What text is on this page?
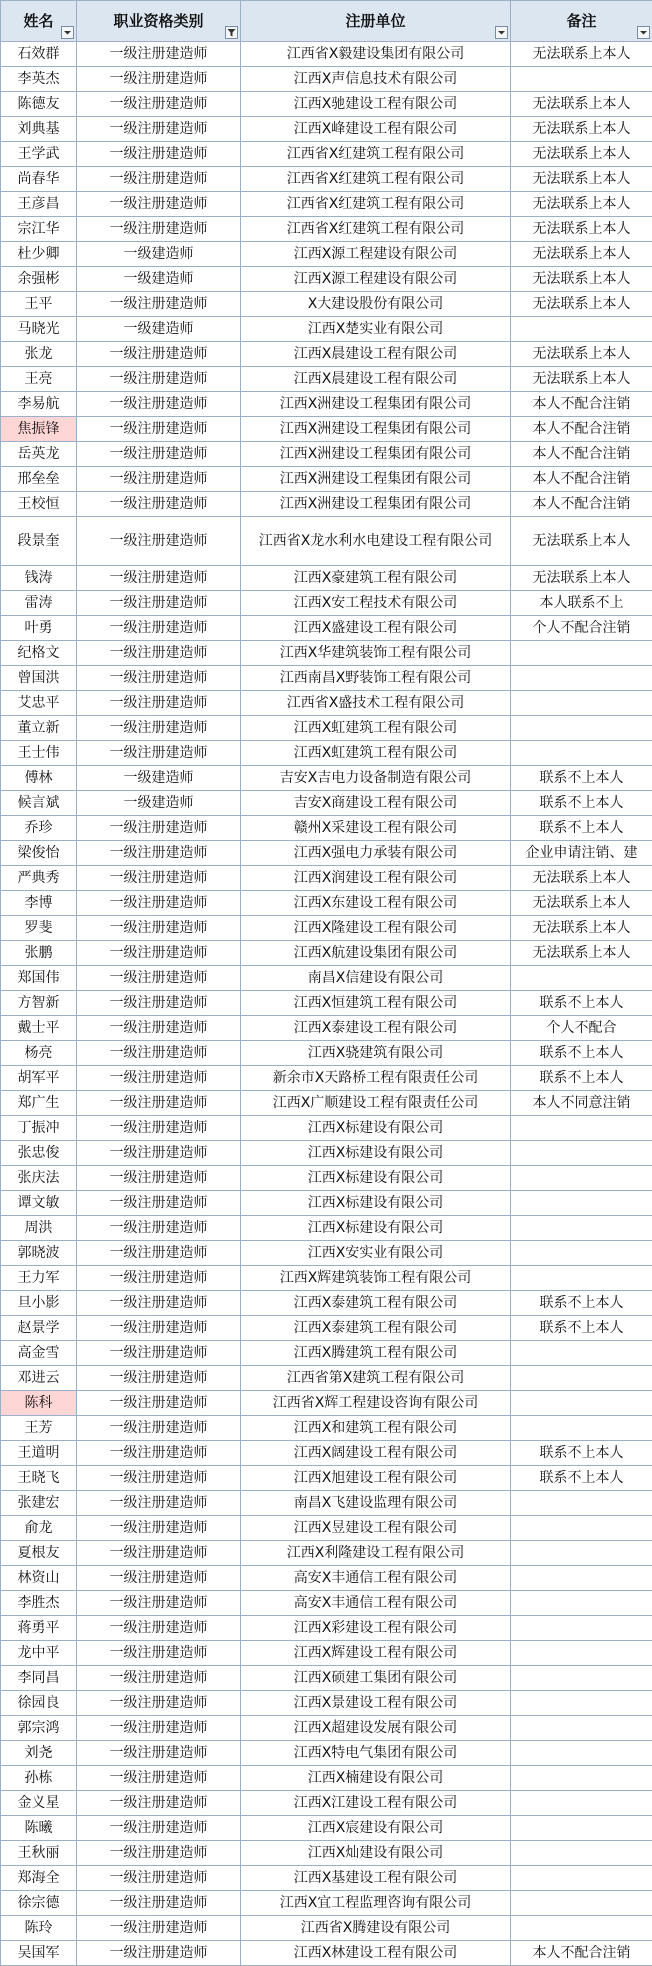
姓名	职业资格类别	注册单位	备注

石效群	一级注册建造师	江西省X毅建设集团有限公司	无法联系上本人
李英杰	一级注册建造师	江西X声信息技术有限公司	
陈德友	一级注册建造师	江西X驰建设工程有限公司	无法联系上本人
刘典基	一级注册建造师	江西X峰建设工程有限公司	无法联系上本人
王学武	一级注册建造师	江西省X红建筑工程有限公司	无法联系上本人
尚春华	一级注册建造师	江西省X红建筑工程有限公司	无法联系上本人
王彦昌	一级注册建造师	江西省X红建筑工程有限公司	无法联系上本人
宗江华	一级注册建造师	江西省X红建筑工程有限公司	无法联系上本人
杜少卿	一级建造师	江西X源工程建设有限公司	无法联系上本人
余强彬	一级建造师	江西X源工程建设有限公司	无法联系上本人
王平	一级注册建造师	X大建设股份有限公司	无法联系上本人
马晓光	一级建造师	江西X楚实业有限公司	
张龙	一级注册建造师	江西X晨建设工程有限公司	无法联系上本人
王亮	一级注册建造师	江西X晨建设工程有限公司	无法联系上本人
李易航	一级注册建造师	江西X洲建设工程集团有限公司	本人不配合注销
焦振锋	一级注册建造师	江西X洲建设工程集团有限公司	本人不配合注销
岳英龙	一级注册建造师	江西X洲建设工程集团有限公司	本人不配合注销
邢垒垒	一级注册建造师	江西X洲建设工程集团有限公司	本人不配合注销
王校恒	一级注册建造师	江西X洲建设工程集团有限公司	本人不配合注销
段景奎	一级注册建造师	江西省X龙水利水电建设工程有限公司	无法联系上本人
钱涛	一级注册建造师	江西X豪建筑工程有限公司	无法联系上本人
雷涛	一级注册建造师	江西X安工程技术有限公司	本人联系不上
叶勇	一级注册建造师	江西X盛建设工程有限公司	个人不配合注销
纪格文	一级注册建造师	江西X华建筑装饰工程有限公司	
曾国洪	一级注册建造师	江西南昌X野装饰工程有限公司	
艾忠平	一级注册建造师	江西省X盛技术工程有限公司	
董立新	一级注册建造师	江西X虹建筑工程有限公司	
王士伟	一级注册建造师	江西X虹建筑工程有限公司	
傅林	一级建造师	吉安X吉电力设备制造有限公司	联系不上本人
候言斌	一级建造师	吉安X商建设工程有限公司	联系不上本人
乔珍	一级注册建造师	赣州X采建设工程有限公司	联系不上本人
梁俊怡	一级注册建造师	江西X强电力承装有限公司	企业申请注销、建
严典秀	一级注册建造师	江西X润建设工程有限公司	无法联系上本人
李博	一级注册建造师	江西X东建设工程有限公司	无法联系上本人
罗斐	一级注册建造师	江西X隆建设工程有限公司	无法联系上本人
张鹏	一级注册建造师	江西X航建设集团有限公司	无法联系上本人
郑国伟	一级注册建造师	南昌X信建设有限公司	
方智新	一级注册建造师	江西X恒建筑工程有限公司	联系不上本人
戴士平	一级注册建造师	江西X泰建设工程有限公司	个人不配合
杨亮	一级注册建造师	江西X骁建筑有限公司	联系不上本人
胡军平	一级注册建造师	新余市X天路桥工程有限责任公司	联系不上本人
郑广生	一级注册建造师	江西X广顺建设工程有限责任公司	本人不同意注销
丁振冲	一级注册建造师	江西X标建设有限公司	
张忠俊	一级注册建造师	江西X标建设有限公司	
张庆法	一级注册建造师	江西X标建设有限公司	
谭文敏	一级注册建造师	江西X标建设有限公司	
周洪	一级注册建造师	江西X标建设有限公司	
郭晓波	一级注册建造师	江西X安实业有限公司	
王力军	一级注册建造师	江西X辉建筑装饰工程有限公司	
旦小影	一级注册建造师	江西X泰建筑工程有限公司	联系不上本人
赵景学	一级注册建造师	江西X泰建筑工程有限公司	联系不上本人
高金雪	一级注册建造师	江西X腾建筑工程有限公司	
邓进云	一级注册建造师	江西省第X建筑工程有限公司	
陈科	一级注册建造师	江西省X辉工程建设咨询有限公司	
王芳	一级注册建造师	江西X和建筑工程有限公司	
王道明	一级注册建造师	江西X阔建设工程有限公司	联系不上本人
王晓飞	一级注册建造师	江西X旭建设工程有限公司	联系不上本人
张建宏	一级注册建造师	南昌X飞建设监理有限公司	
俞龙	一级注册建造师	江西X昱建设工程有限公司	
夏根友	一级注册建造师	江西X利隆建设工程有限公司	
林资山	一级注册建造师	高安X丰通信工程有限公司	
李胜杰	一级注册建造师	高安X丰通信工程有限公司	
蒋勇平	一级注册建造师	江西X彩建设工程有限公司	
龙中平	一级注册建造师	江西X辉建设工程有限公司	
李同昌	一级注册建造师	江西X硕建工集团有限公司	
徐园良	一级注册建造师	江西X景建设工程有限公司	
郭宗鸿	一级注册建造师	江西X超建设发展有限公司	
刘尧	一级注册建造师	江西X特电气集团有限公司	
孙栋	一级注册建造师	江西X楠建设有限公司	
金义星	一级注册建造师	江西X江建设工程有限公司	
陈曦	一级注册建造师	江西X宸建设有限公司	
王秋丽	一级注册建造师	江西X灿建设有限公司	
郑海全	一级注册建造师	江西X基建设工程有限公司	
徐宗德	一级注册建造师	江西X宜工程监理咨询有限公司	
陈玲	一级注册建造师	江西省X腾建设有限公司	
吴国军	一级注册建造师	江西X林建设工程有限公司	本人不配合注销
